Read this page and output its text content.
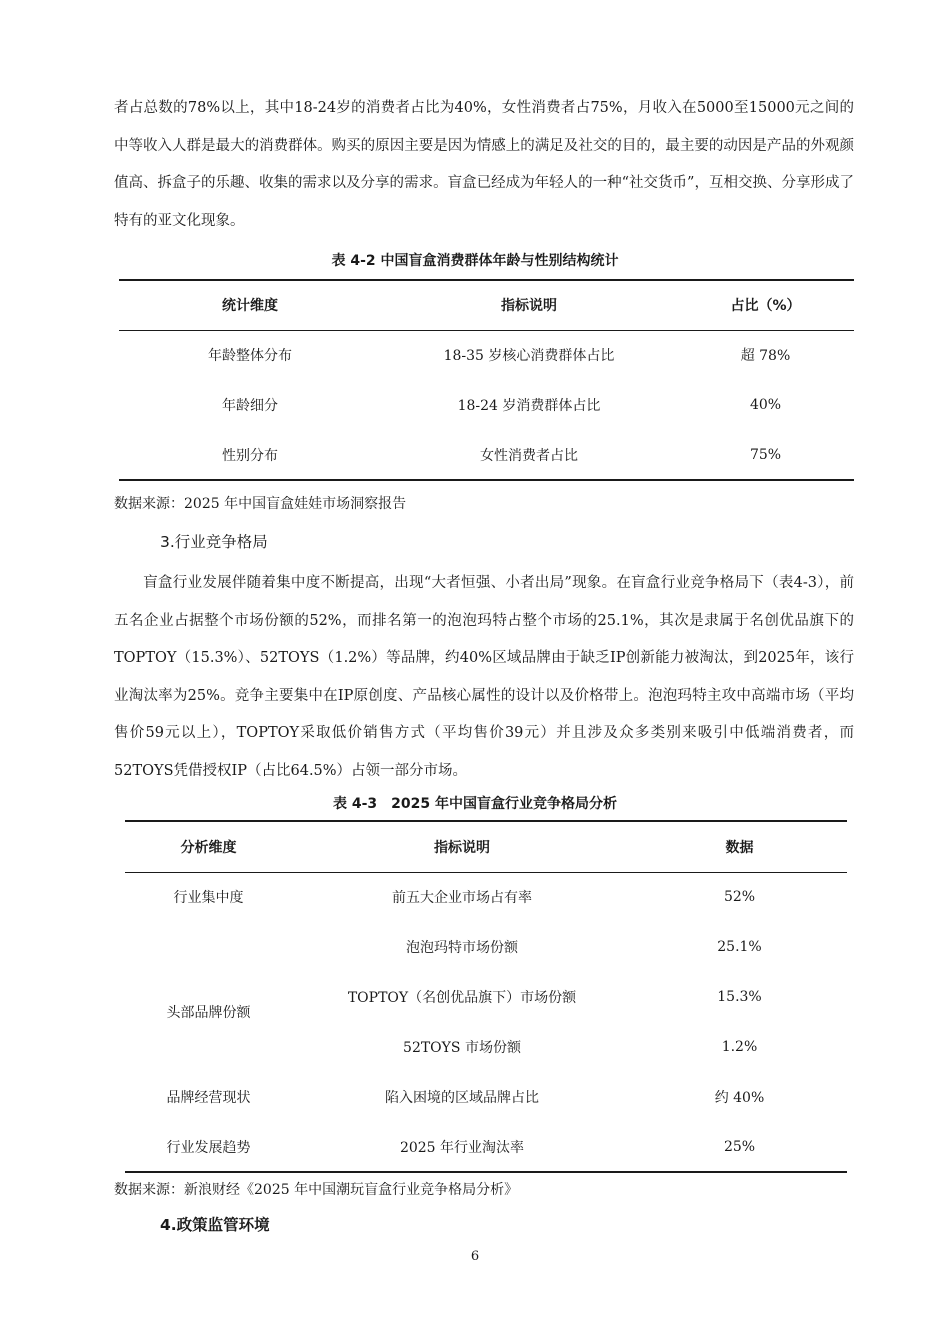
者占总数的78%以上，其中18-24岁的消费者占比为40%，女性消费者占75%，月收入在5000至15000元之间的中等收入人群是最大的消费群体。购买的原因主要是因为情感上的满足及社交的目的，最主要的动因是产品的外观颜值高、拆盒子的乐趣、收集的需求以及分享的需求。盲盒已经成为年轻人的一种“社交货币”，互相交换、分享形成了特有的亚文化现象。

表 4-2 中国盲盒消费群体年龄与性别结构统计

统计维度	指标说明	占比（%）
年龄整体分布	18-35 岁核心消费群体占比	超 78%
年龄细分	18-24 岁消费群体占比	40%
性别分布	女性消费者占比	75%

数据来源：2025 年中国盲盒娃娃市场洞察报告

3.行业竞争格局

盲盒行业发展伴随着集中度不断提高，出现“大者恒强、小者出局”现象。在盲盒行业竞争格局下（表4-3），前五名企业占据整个市场份额的52%，而排名第一的泡泡玛特占整个市场的25.1%，其次是隶属于名创优品旗下的TOPTOY（15.3%）、52TOYS（1.2%）等品牌，约40%区域品牌由于缺乏IP创新能力被淘汰，到2025年，该行业淘汰率为25%。竞争主要集中在IP原创度、产品核心属性的设计以及价格带上。泡泡玛特主攻中高端市场（平均售价59元以上），TOPTOY采取低价销售方式（平均售价39元）并且涉及众多类别来吸引中低端消费者，而52TOYS凭借授权IP（占比64.5%）占领一部分市场。

表 4-3　2025 年中国盲盒行业竞争格局分析

分析维度	指标说明	数据
行业集中度	前五大企业市场占有率	52%
	泡泡玛特市场份额	25.1%
头部品牌份额	TOPTOY（名创优品旗下）市场份额	15.3%
	52TOYS 市场份额	1.2%
品牌经营现状	陷入困境的区域品牌占比	约 40%
行业发展趋势	2025 年行业淘汰率	25%

数据来源：新浪财经《2025 年中国潮玩盲盒行业竞争格局分析》

4.政策监管环境

6
